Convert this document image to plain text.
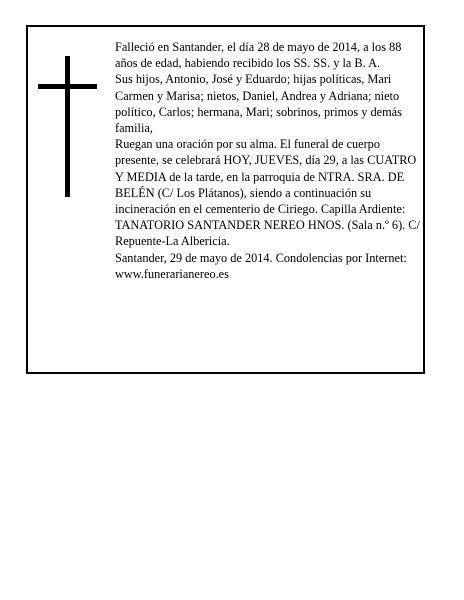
Falleció en Santander, el día 28 de mayo de 2014, a los 88 años de edad, habiendo recibido los SS. SS. y la B. A.

Sus hijos, Antonio, José y Eduardo; hijas políticas, Mari Carmen y Marisa; nietos, Daniel, Andrea y Adriana; nieto político, Carlos; hermana, Mari; sobrinos, primos y demás familia,

Ruegan una oración por su alma. El funeral de cuerpo presente, se celebrará HOY, JUEVES, día 29, a las CUATRO Y MEDIA de la tarde, en la parroquia de NTRA. SRA. DE BELÉN (C/ Los Plátanos), siendo a continuación su incineración en el cementerio de Ciriego. Capilla Ardiente: TANATORIO SANTANDER NEREO HNOS. (Sala n.º 6). C/ Repuente-La Albericia.

Santander, 29 de mayo de 2014. Condolencias por Internet: www.funerarianereo.es
